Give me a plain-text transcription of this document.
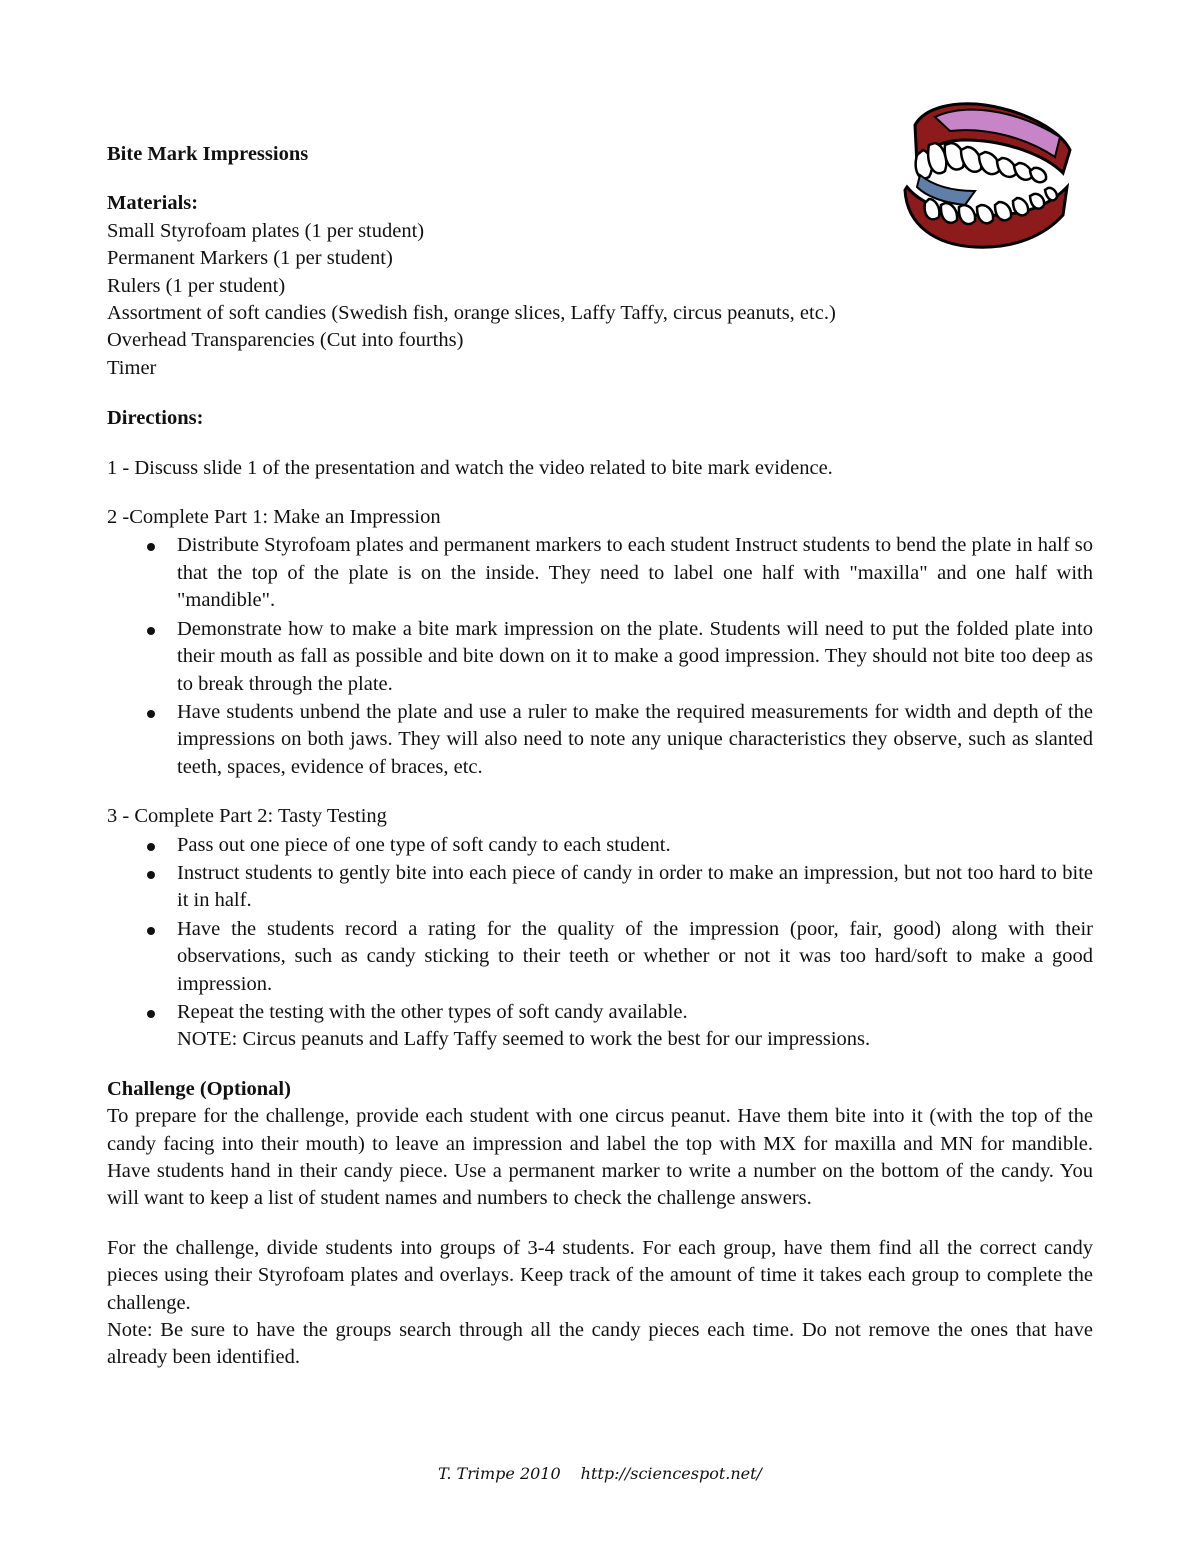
Bite Mark Impressions

Materials:

Small Styrofoam plates (1 per student)

Permanent Markers (1 per student)

Rulers (1 per student)

Assortment of soft candies (Swedish fish, orange slices, Laffy Taffy, circus peanuts, etc.)

Overhead Transparencies (Cut into fourths)

Timer

Directions:

1 - Discuss slide 1 of the presentation and watch the video related to bite mark evidence.

2 -Complete Part 1: Make an Impression

Distribute Styrofoam plates and permanent markers to each student Instruct students to bend the plate in half so that the top of the plate is on the inside. They need to label one half with "maxilla" and one half with "mandible".
Demonstrate how to make a bite mark impression on the plate. Students will need to put the folded plate into their mouth as fall as possible and bite down on it to make a good impression. They should not bite too deep as to break through the plate.
Have students unbend the plate and use a ruler to make the required measurements for width and depth of the impressions on both jaws. They will also need to note any unique characteristics they observe, such as slanted teeth, spaces, evidence of braces, etc.

3 - Complete Part 2: Tasty Testing

Pass out one piece of one type of soft candy to each student.
Instruct students to gently bite into each piece of candy in order to make an impression, but not too hard to bite it in half.
Have the students record a rating for the quality of the impression (poor, fair, good) along with their observations, such as candy sticking to their teeth or whether or not it was too hard/soft to make a good impression.
Repeat the testing with the other types of soft candy available.

NOTE: Circus peanuts and Laffy Taffy seemed to work the best for our impressions.

Challenge (Optional)

To prepare for the challenge, provide each student with one circus peanut. Have them bite into it (with the top of the candy facing into their mouth) to leave an impression and label the top with MX for maxilla and MN for mandible. Have students hand in their candy piece. Use a permanent marker to write a number on the bottom of the candy. You will want to keep a list of student names and numbers to check the challenge answers.

For the challenge, divide students into groups of 3-4 students. For each group, have them find all the correct candy pieces using their Styrofoam plates and overlays. Keep track of the amount of time it takes each group to complete the challenge.

Note: Be sure to have the groups search through all the candy pieces each time. Do not remove the ones that have already been identified.

T. Trimpe 2010 http://sciencespot.net/
